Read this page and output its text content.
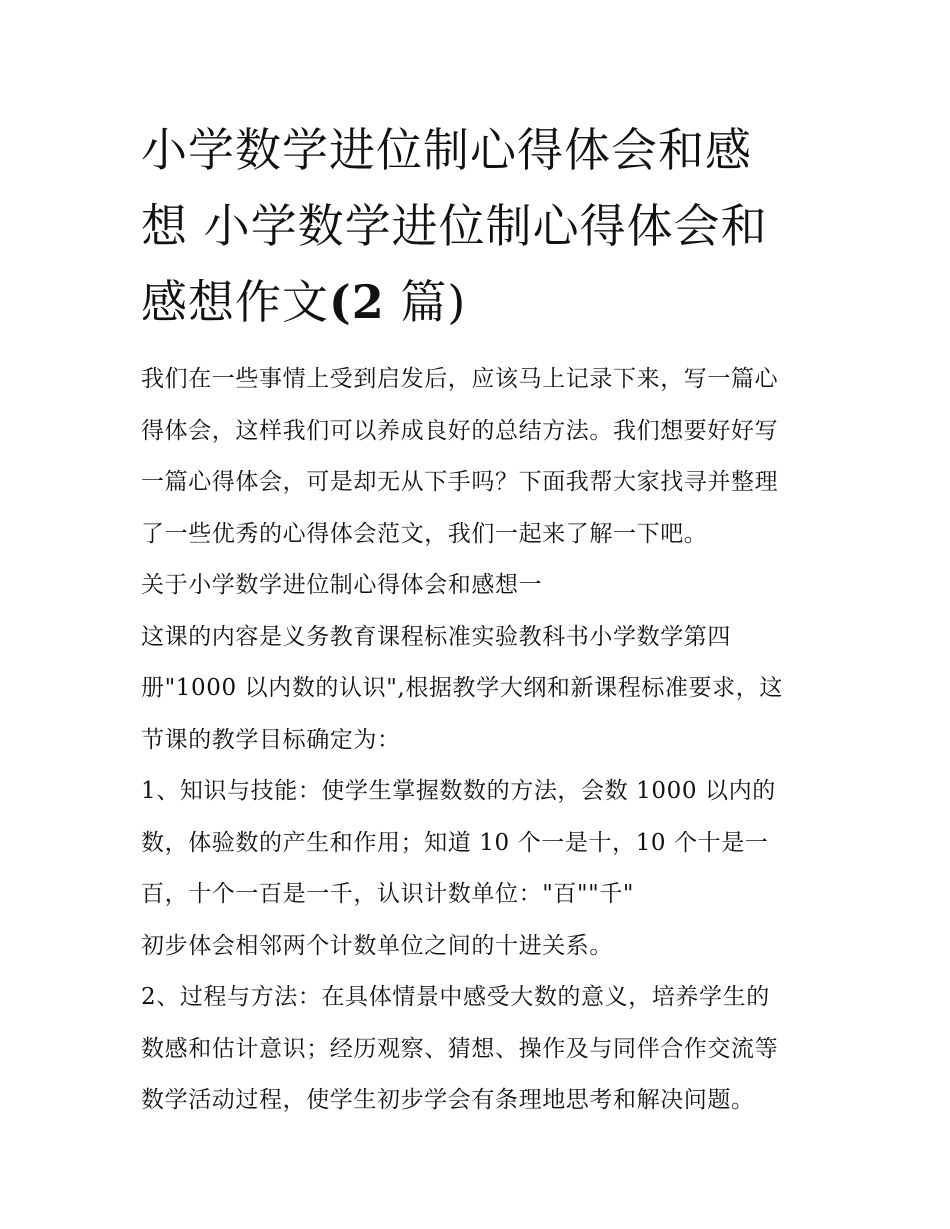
小学数学进位制心得体会和感
想 小学数学进位制心得体会和
感想作文(2 篇)
我们在一些事情上受到启发后，应该马上记录下来，写一篇心
得体会，这样我们可以养成良好的总结方法。我们想要好好写
一篇心得体会，可是却无从下手吗？下面我帮大家找寻并整理
了一些优秀的心得体会范文，我们一起来了解一下吧。
关于小学数学进位制心得体会和感想一
这课的内容是义务教育课程标准实验教科书小学数学第四
册"1000 以内数的认识",根据教学大纲和新课程标准要求，这
节课的教学目标确定为：
1、知识与技能：使学生掌握数数的方法，会数 1000 以内的
数，体验数的产生和作用；知道 10 个一是十，10 个十是一
百，十个一百是一千，认识计数单位："百""千"
初步体会相邻两个计数单位之间的十进关系。
2、过程与方法：在具体情景中感受大数的意义，培养学生的
数感和估计意识；经历观察、猜想、操作及与同伴合作交流等
数学活动过程，使学生初步学会有条理地思考和解决问题。
